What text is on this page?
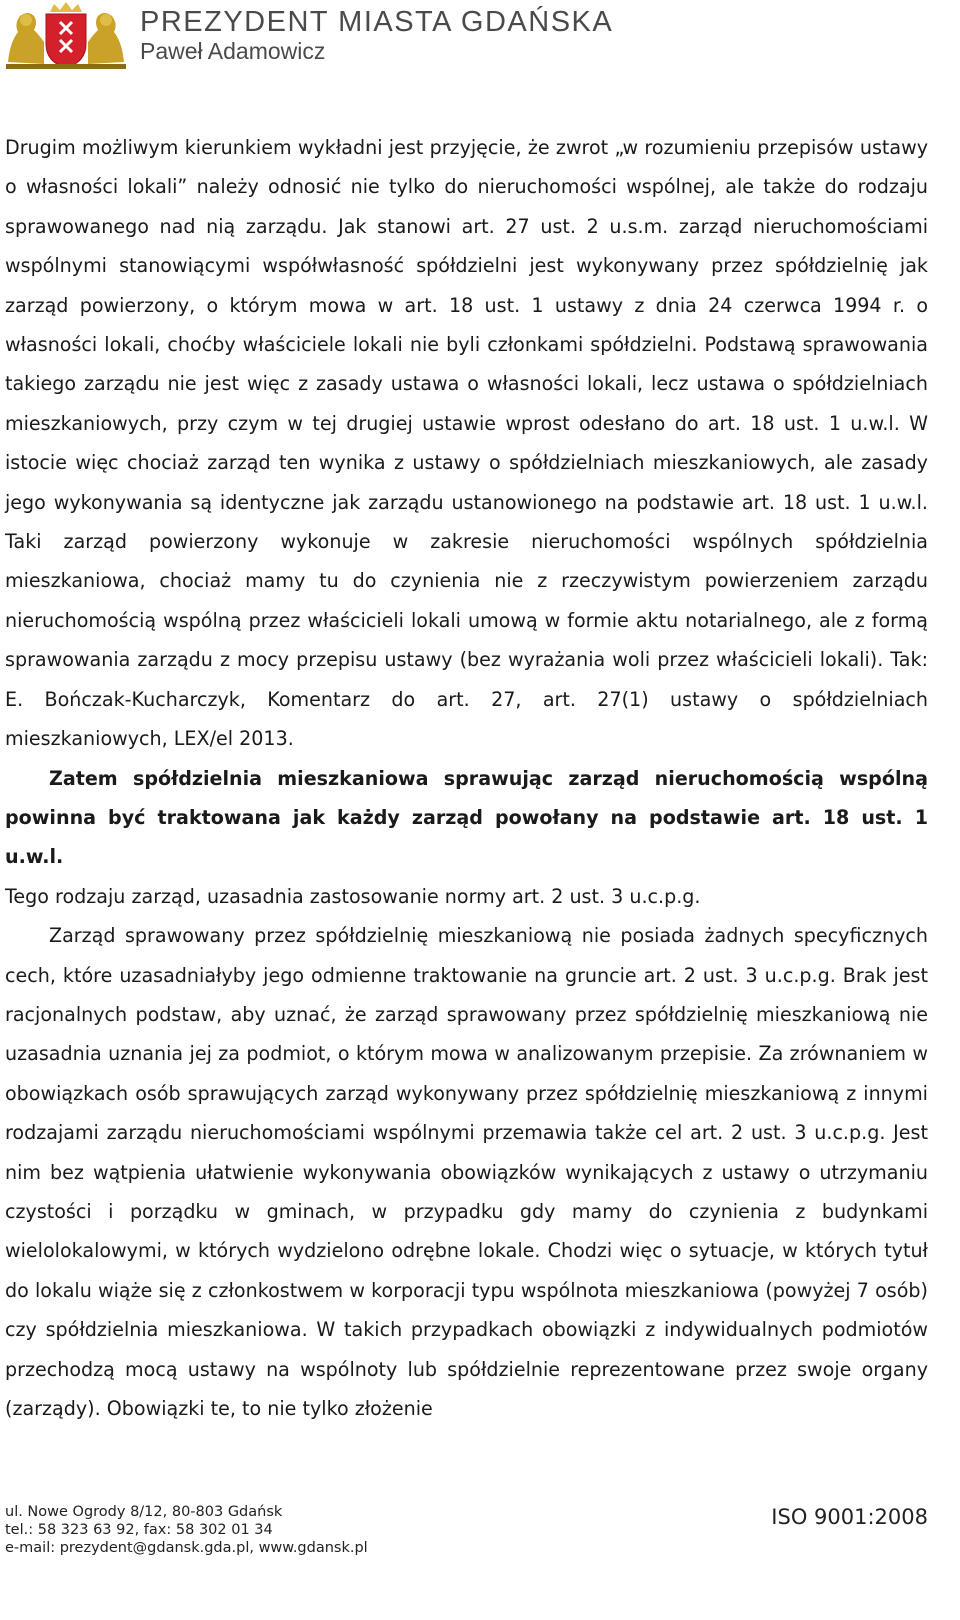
PREZYDENT MIASTA GDAŃSKA
Paweł Adamowicz

Drugim możliwym kierunkiem wykładni jest przyjęcie, że zwrot „w rozumieniu przepisów ustawy o własności lokali” należy odnosić nie tylko do nieruchomości wspólnej, ale także do rodzaju sprawowanego nad nią zarządu. Jak stanowi art. 27 ust. 2 u.s.m. zarząd nieruchomościami wspólnymi stanowiącymi współwłasność spółdzielni jest wykonywany przez spółdzielnię jak zarząd powierzony, o którym mowa w art. 18 ust. 1 ustawy z dnia 24 czerwca 1994 r. o własności lokali, choćby właściciele lokali nie byli członkami spółdzielni. Podstawą sprawowania takiego zarządu nie jest więc z zasady ustawa o własności lokali, lecz ustawa o spółdzielniach mieszkaniowych, przy czym w tej drugiej ustawie wprost odesłano do art. 18 ust. 1 u.w.l. W istocie więc chociaż zarząd ten wynika z ustawy o spółdzielniach mieszkaniowych, ale zasady jego wykonywania są identyczne jak zarządu ustanowionego na podstawie art. 18 ust. 1 u.w.l. Taki zarząd powierzony wykonuje w zakresie nieruchomości wspólnych spółdzielnia mieszkaniowa, chociaż mamy tu do czynienia nie z rzeczywistym powierzeniem zarządu nieruchomością wspólną przez właścicieli lokali umową w formie aktu notarialnego, ale z formą sprawowania zarządu z mocy przepisu ustawy (bez wyrażania woli przez właścicieli lokali). Tak: E. Bończak-Kucharczyk, Komentarz do art. 27, art. 27(1) ustawy o spółdzielniach mieszkaniowych, LEX/el 2013.

Zatem spółdzielnia mieszkaniowa sprawując zarząd nieruchomością wspólną powinna być traktowana jak każdy zarząd powołany na podstawie art. 18 ust. 1 u.w.l.

Tego rodzaju zarząd, uzasadnia zastosowanie normy art. 2 ust. 3 u.c.p.g.

Zarząd sprawowany przez spółdzielnię mieszkaniową nie posiada żadnych specyficznych cech, które uzasadniałyby jego odmienne traktowanie na gruncie art. 2 ust. 3 u.c.p.g. Brak jest racjonalnych podstaw, aby uznać, że zarząd sprawowany przez spółdzielnię mieszkaniową nie uzasadnia uznania jej za podmiot, o którym mowa w analizowanym przepisie. Za zrównaniem w obowiązkach osób sprawujących zarząd wykonywany przez spółdzielnię mieszkaniową z innymi rodzajami zarządu nieruchomościami wspólnymi przemawia także cel art. 2 ust. 3 u.c.p.g. Jest nim bez wątpienia ułatwienie wykonywania obowiązków wynikających z ustawy o utrzymaniu czystości i porządku w gminach, w przypadku gdy mamy do czynienia z budynkami wielolokalowymi, w których wydzielono odrębne lokale. Chodzi więc o sytuacje, w których tytuł do lokalu wiąże się z członkostwem w korporacji typu wspólnota mieszkaniowa (powyżej 7 osób) czy spółdzielnia mieszkaniowa. W takich przypadkach obowiązki z indywidualnych podmiotów przechodzą mocą ustawy na wspólnoty lub spółdzielnie reprezentowane przez swoje organy (zarządy). Obowiązki te, to nie tylko złożenie

ul. Nowe Ogrody 8/12, 80-803 Gdańsk
tel.: 58 323 63 92, fax: 58 302 01 34
e-mail: prezydent@gdansk.gda.pl, www.gdansk.pl
ISO 9001:2008
